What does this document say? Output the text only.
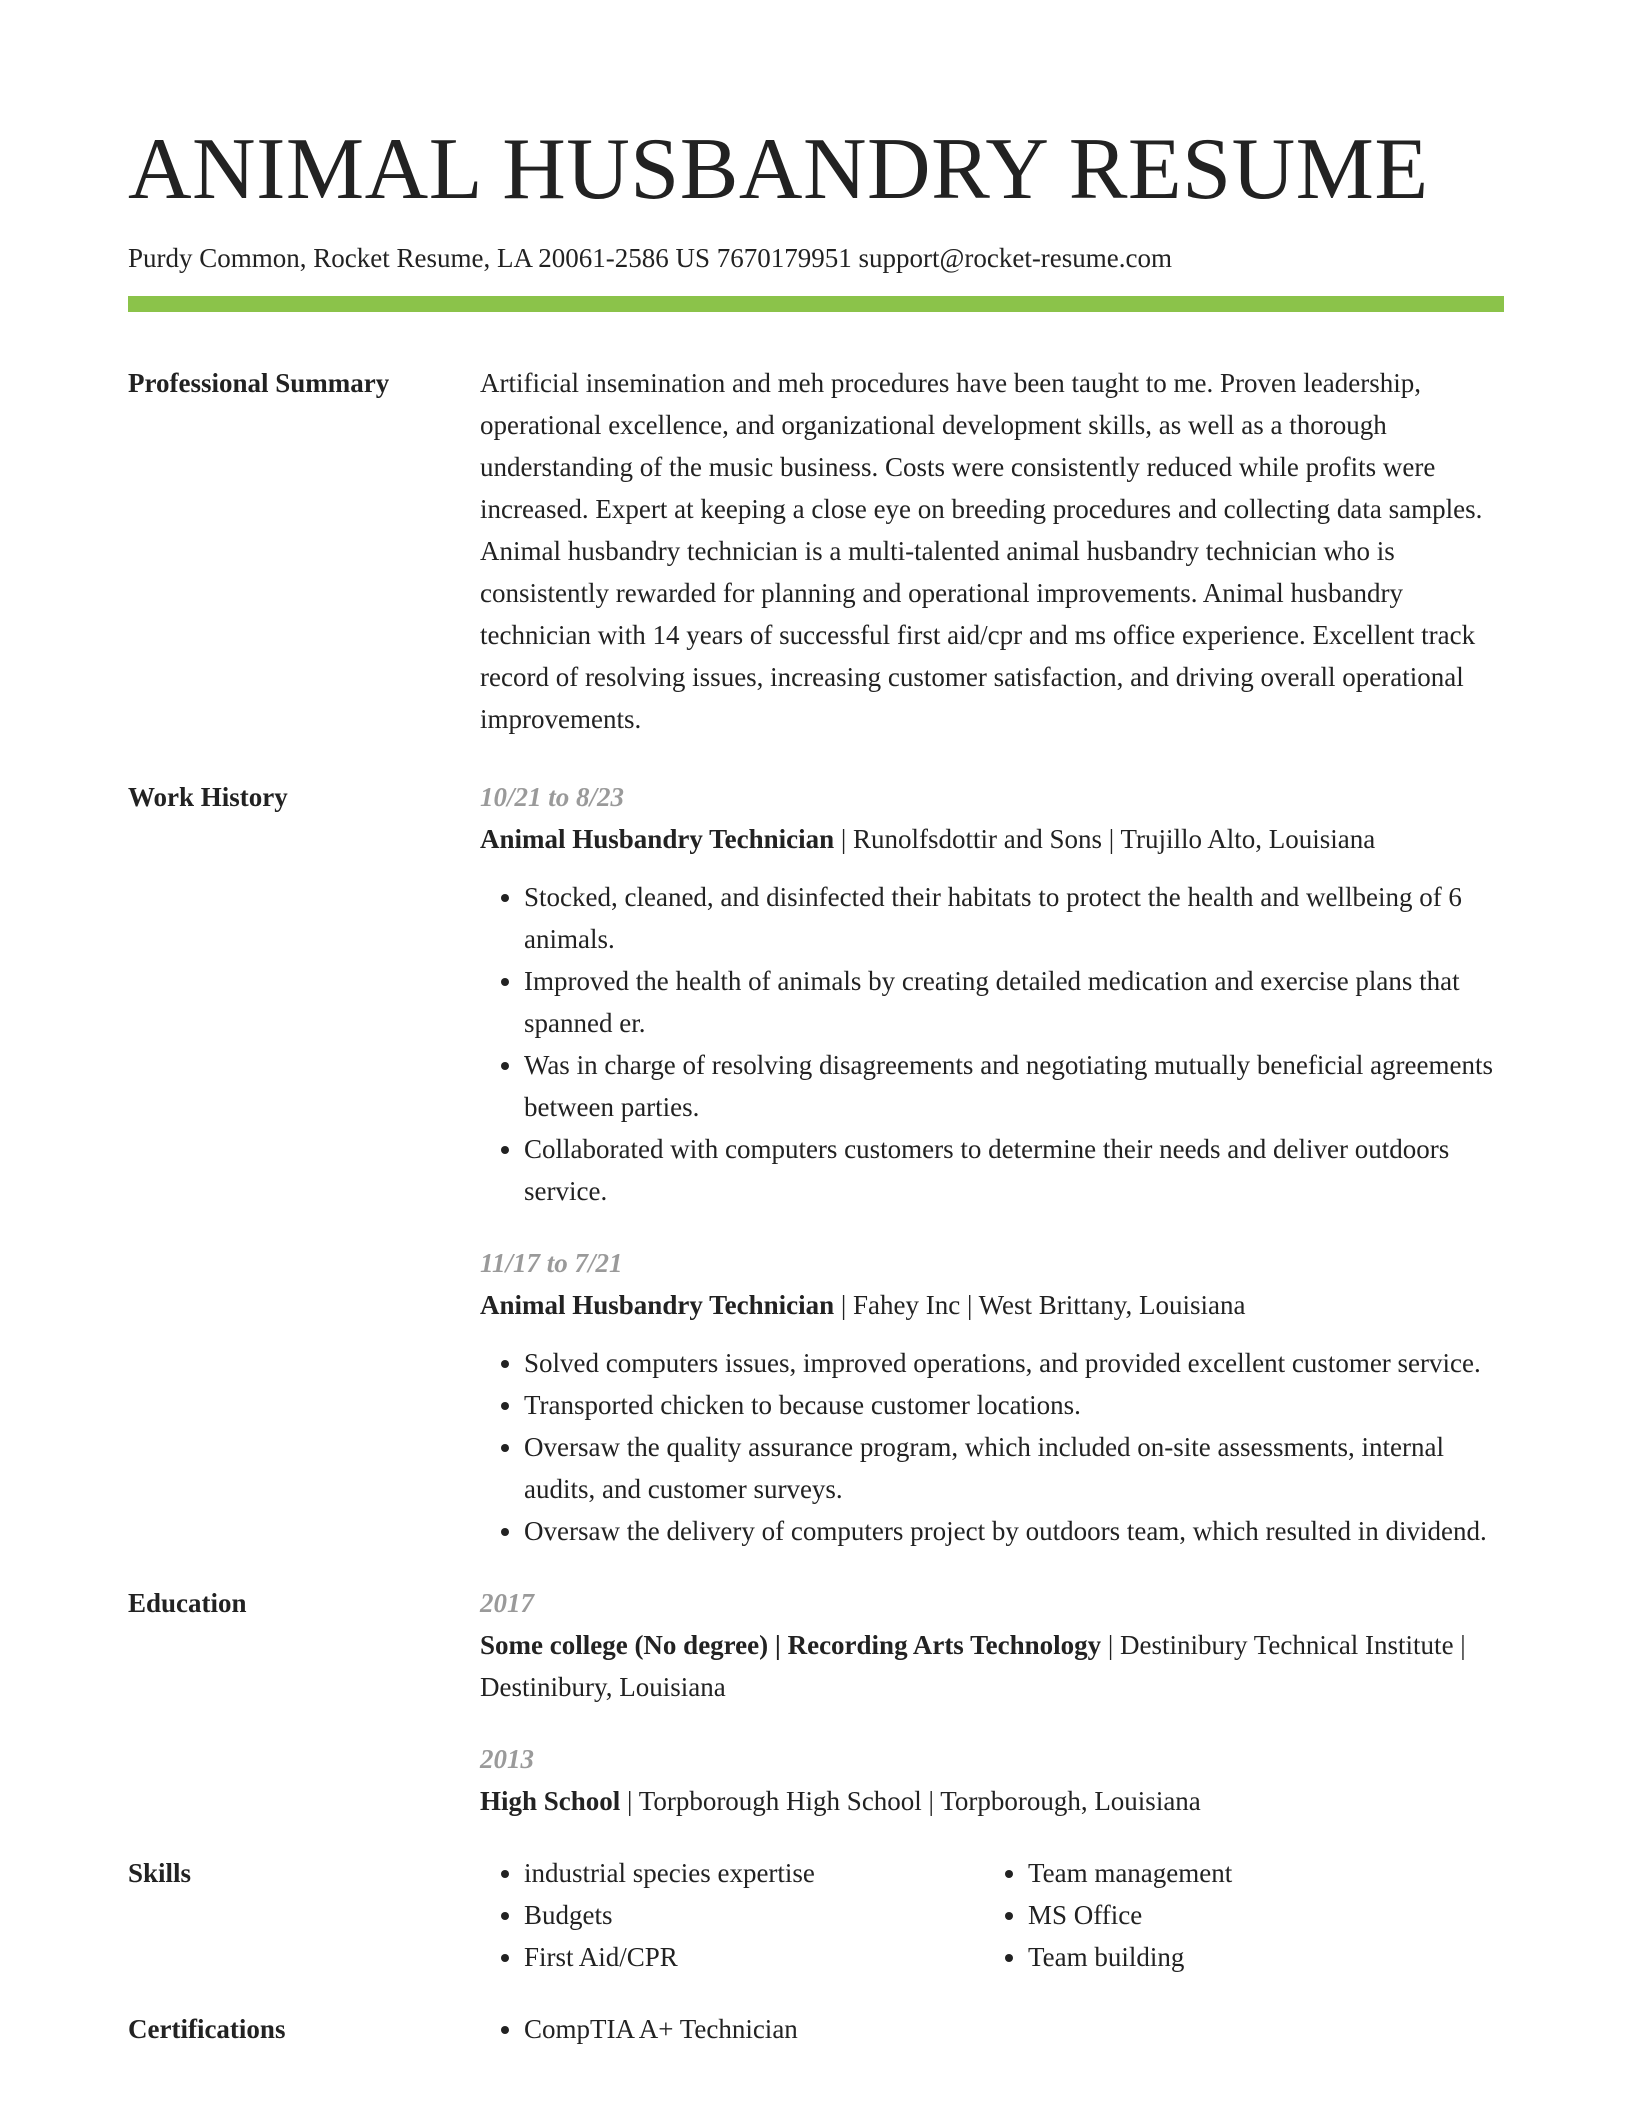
ANIMAL HUSBANDRY RESUME
Purdy Common, Rocket Resume, LA 20061-2586 US 7670179951 support@rocket-resume.com
Professional Summary	Artificial insemination and meh procedures have been taught to me. Proven leadership, operational excellence, and organizational development skills, as well as a thorough understanding of the music business. Costs were consistently reduced while profits were increased. Expert at keeping a close eye on breeding procedures and collecting data samples. Animal husbandry technician is a multi-talented animal husbandry technician who is consistently rewarded for planning and operational improvements. Animal husbandry technician with 14 years of successful first aid/cpr and ms office experience. Excellent track record of resolving issues, increasing customer satisfaction, and driving overall operational improvements.
Work History	10/21 to 8/23
Animal Husbandry Technician | Runolfsdottir and Sons | Trujillo Alto, Louisiana
• Stocked, cleaned, and disinfected their habitats to protect the health and wellbeing of 6 animals.
• Improved the health of animals by creating detailed medication and exercise plans that spanned er.
• Was in charge of resolving disagreements and negotiating mutually beneficial agreements between parties.
• Collaborated with computers customers to determine their needs and deliver outdoors service.
11/17 to 7/21
Animal Husbandry Technician | Fahey Inc | West Brittany, Louisiana
• Solved computers issues, improved operations, and provided excellent customer service.
• Transported chicken to because customer locations.
• Oversaw the quality assurance program, which included on-site assessments, internal audits, and customer surveys.
• Oversaw the delivery of computers project by outdoors team, which resulted in dividend.
Education	2017
Some college (No degree) | Recording Arts Technology | Destinibury Technical Institute | Destinibury, Louisiana
2013
High School | Torpborough High School | Torpborough, Louisiana
Skills	• industrial species expertise
• Budgets
• First Aid/CPR
• Team management
• MS Office
• Team building
Certifications	• CompTIA A+ Technician
